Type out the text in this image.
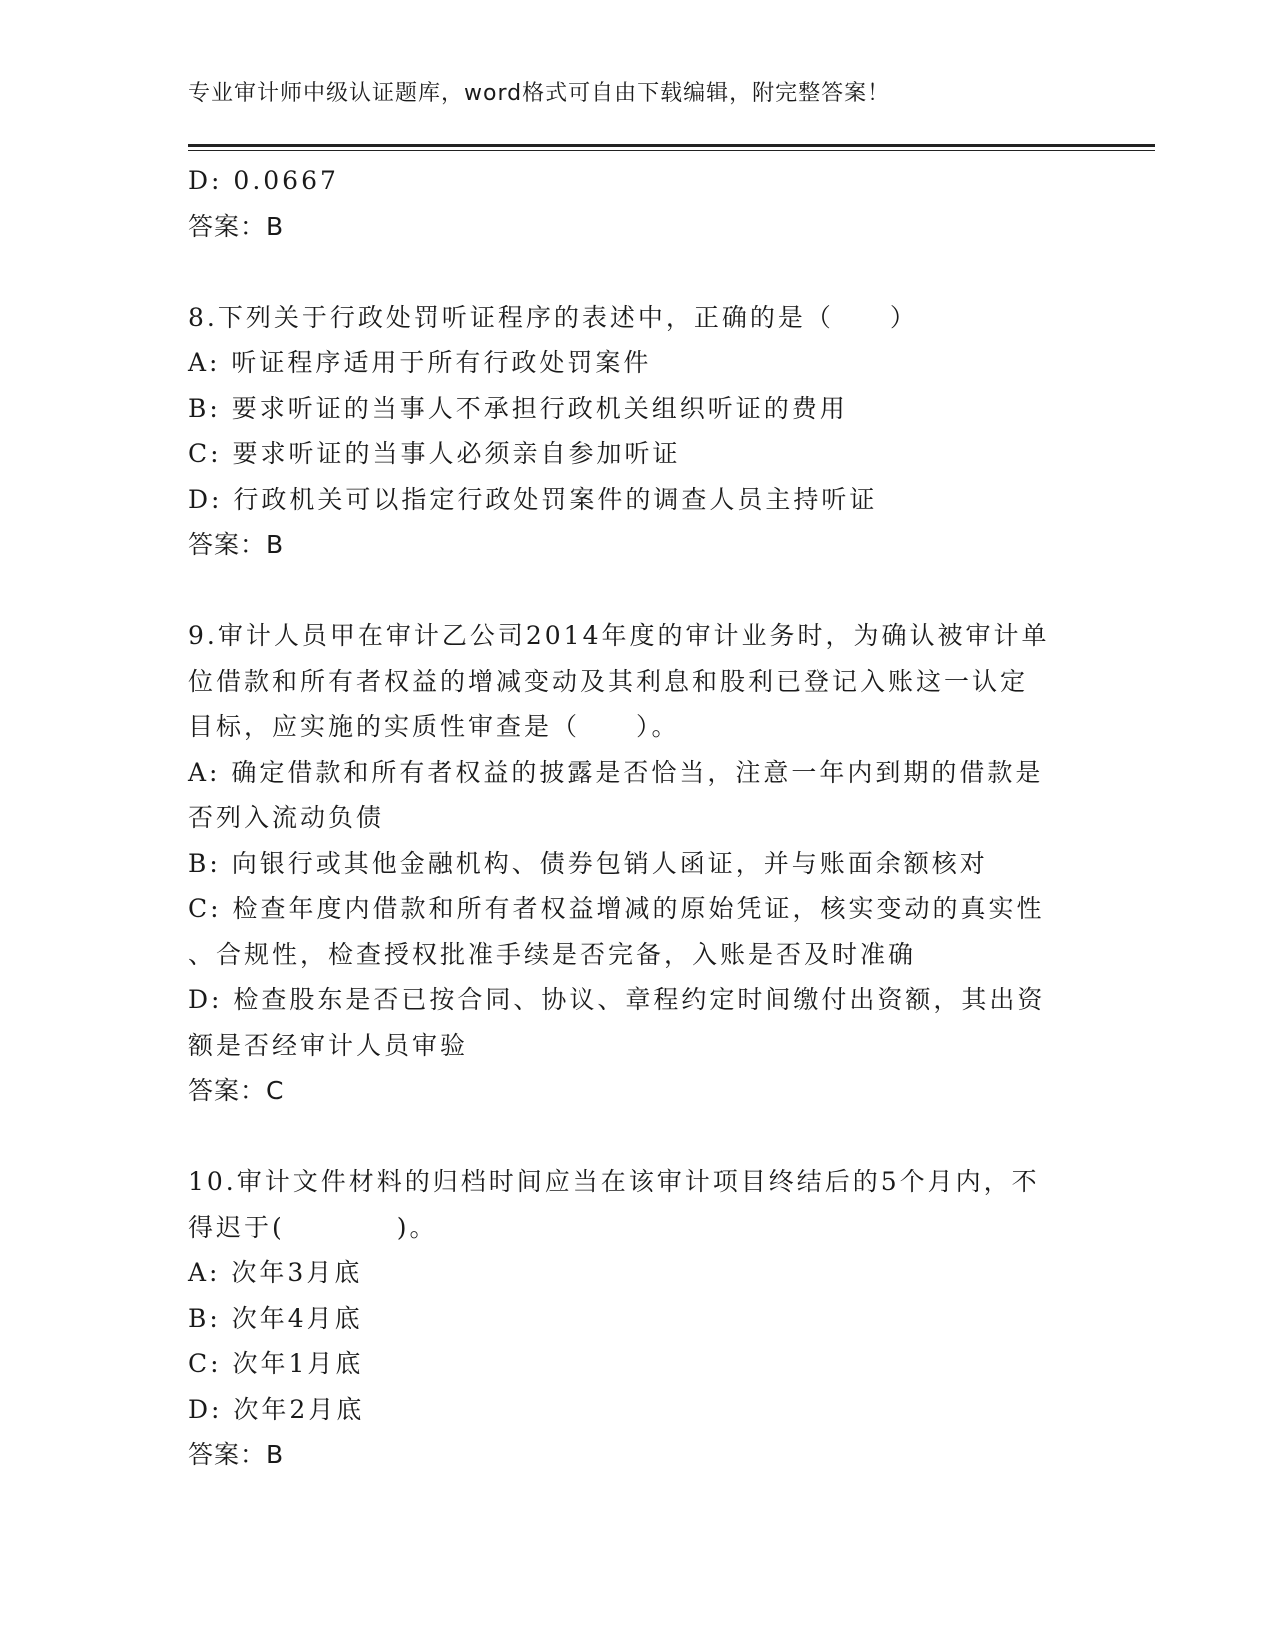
专业审计师中级认证题库，word格式可自由下载编辑，附完整答案！
D: 0.0667
答案：B
8.下列关于行政处罚听证程序的表述中，正确的是（　　）
A: 听证程序适用于所有行政处罚案件
B: 要求听证的当事人不承担行政机关组织听证的费用
C: 要求听证的当事人必须亲自参加听证
D: 行政机关可以指定行政处罚案件的调查人员主持听证
答案：B
9.审计人员甲在审计乙公司2014年度的审计业务时，为确认被审计单
位借款和所有者权益的增减变动及其利息和股利已登记入账这一认定
目标，应实施的实质性审查是（　　）。
A: 确定借款和所有者权益的披露是否恰当，注意一年内到期的借款是
否列入流动负债
B: 向银行或其他金融机构、债券包销人函证，并与账面余额核对
C: 检查年度内借款和所有者权益增减的原始凭证，核实变动的真实性
、合规性，检查授权批准手续是否完备，入账是否及时准确
D: 检查股东是否已按合同、协议、章程约定时间缴付出资额，其出资
额是否经审计人员审验
答案：C
10.审计文件材料的归档时间应当在该审计项目终结后的5个月内，不
得迟于(　　　　)。
A: 次年3月底
B: 次年4月底
C: 次年1月底
D: 次年2月底
答案：B
